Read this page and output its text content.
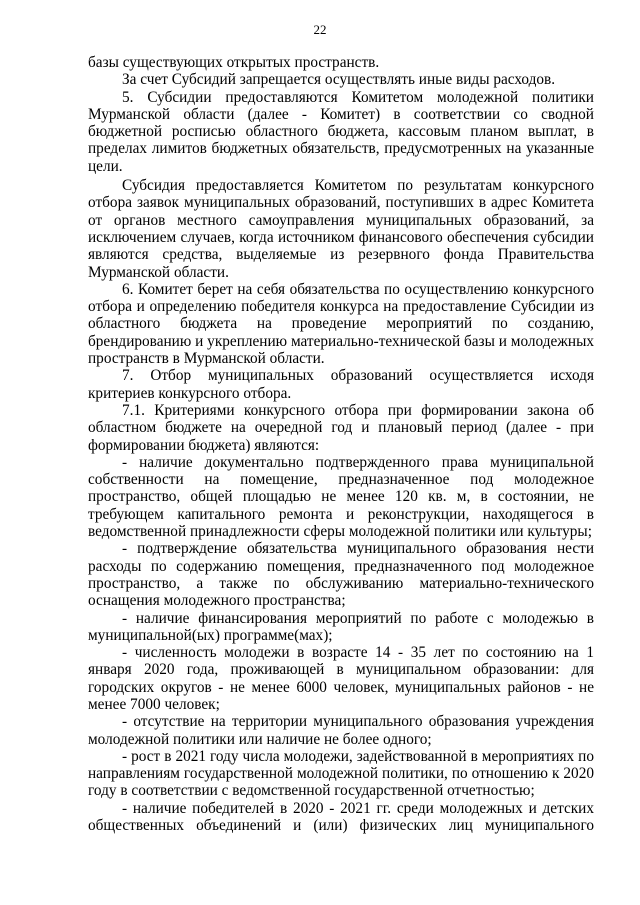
22

базы существующих открытых пространств.

За счет Субсидий запрещается осуществлять иные виды расходов.

5. Субсидии предоставляются Комитетом молодежной политики Мурманской области (далее - Комитет) в соответствии со сводной бюджетной росписью областного бюджета, кассовым планом выплат, в пределах лимитов бюджетных обязательств, предусмотренных на указанные цели.

Субсидия предоставляется Комитетом по результатам конкурсного отбора заявок муниципальных образований, поступивших в адрес Комитета от органов местного самоуправления муниципальных образований, за исключением случаев, когда источником финансового обеспечения субсидии являются средства, выделяемые из резервного фонда Правительства Мурманской области.

6. Комитет берет на себя обязательства по осуществлению конкурсного отбора и определению победителя конкурса на предоставление Субсидии из областного бюджета на проведение мероприятий по созданию, брендированию и укреплению материально-технической базы и молодежных пространств в Мурманской области.

7. Отбор муниципальных образований осуществляется исходя критериев конкурсного отбора.

7.1. Критериями конкурсного отбора при формировании закона об областном бюджете на очередной год и плановый период (далее - при формировании бюджета) являются:

- наличие документально подтвержденного права муниципальной собственности на помещение, предназначенное под молодежное пространство, общей площадью не менее 120 кв. м, в состоянии, не требующем капитального ремонта и реконструкции, находящегося в ведомственной принадлежности сферы молодежной политики или культуры;

- подтверждение обязательства муниципального образования нести расходы по содержанию помещения, предназначенного под молодежное пространство, а также по обслуживанию материально-технического оснащения молодежного пространства;

- наличие финансирования мероприятий по работе с молодежью в муниципальной(ых) программе(мах);

- численность молодежи в возрасте 14 - 35 лет по состоянию на 1 января 2020 года, проживающей в муниципальном образовании: для городских округов - не менее 6000 человек, муниципальных районов - не менее 7000 человек;

- отсутствие на территории муниципального образования учреждения молодежной политики или наличие не более одного;

- рост в 2021 году числа молодежи, задействованной в мероприятиях по направлениям государственной молодежной политики, по отношению к 2020 году в соответствии с ведомственной государственной отчетностью;

- наличие победителей в 2020 - 2021 гг. среди молодежных и детских общественных объединений и (или) физических лиц муниципального
